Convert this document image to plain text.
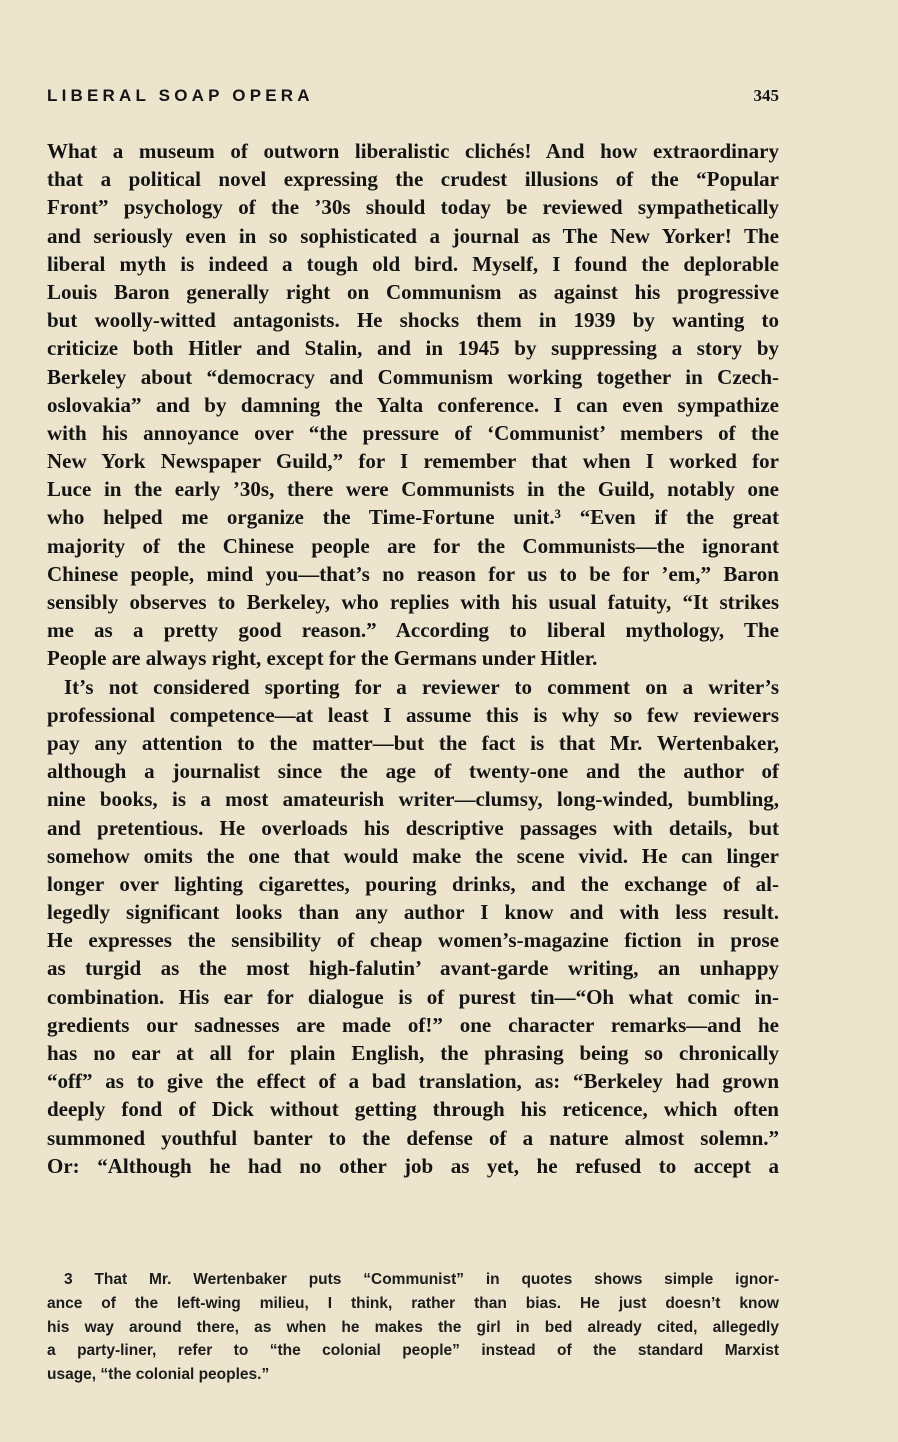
LIBERAL SOAP OPERA	345
What a museum of outworn liberalistic clichés! And how extraordinary
that a political novel expressing the crudest illusions of the “Popular
Front” psychology of the ’30s should today be reviewed sympathetically
and seriously even in so sophisticated a journal as The New Yorker! The
liberal myth is indeed a tough old bird. Myself, I found the deplorable
Louis Baron generally right on Communism as against his progressive
but woolly-witted antagonists. He shocks them in 1939 by wanting to
criticize both Hitler and Stalin, and in 1945 by suppressing a story by
Berkeley about “democracy and Communism working together in Czech-
oslovakia” and by damning the Yalta conference. I can even sympathize
with his annoyance over “the pressure of ‘Communist’ members of the
New York Newspaper Guild,” for I remember that when I worked for
Luce in the early ’30s, there were Communists in the Guild, notably one
who helped me organize the Time-Fortune unit.³ “Even if the great
majority of the Chinese people are for the Communists—the ignorant
Chinese people, mind you—that’s no reason for us to be for ’em,” Baron
sensibly observes to Berkeley, who replies with his usual fatuity, “It strikes
me as a pretty good reason.” According to liberal mythology, The
People are always right, except for the Germans under Hitler.
It’s not considered sporting for a reviewer to comment on a writer’s
professional competence—at least I assume this is why so few reviewers
pay any attention to the matter—but the fact is that Mr. Wertenbaker,
although a journalist since the age of twenty-one and the author of
nine books, is a most amateurish writer—clumsy, long-winded, bumbling,
and pretentious. He overloads his descriptive passages with details, but
somehow omits the one that would make the scene vivid. He can linger
longer over lighting cigarettes, pouring drinks, and the exchange of al-
legedly significant looks than any author I know and with less result.
He expresses the sensibility of cheap women’s-magazine fiction in prose
as turgid as the most high-falutin’ avant-garde writing, an unhappy
combination. His ear for dialogue is of purest tin—“Oh what comic in-
gredients our sadnesses are made of!” one character remarks—and he
has no ear at all for plain English, the phrasing being so chronically
“off” as to give the effect of a bad translation, as: “Berkeley had grown
deeply fond of Dick without getting through his reticence, which often
summoned youthful banter to the defense of a nature almost solemn.”
Or: “Although he had no other job as yet, he refused to accept a
3 That Mr. Wertenbaker puts “Communist” in quotes shows simple ignor-
ance of the left-wing milieu, I think, rather than bias. He just doesn’t know
his way around there, as when he makes the girl in bed already cited, allegedly
a party-liner, refer to “the colonial people” instead of the standard Marxist
usage, “the colonial peoples.”
